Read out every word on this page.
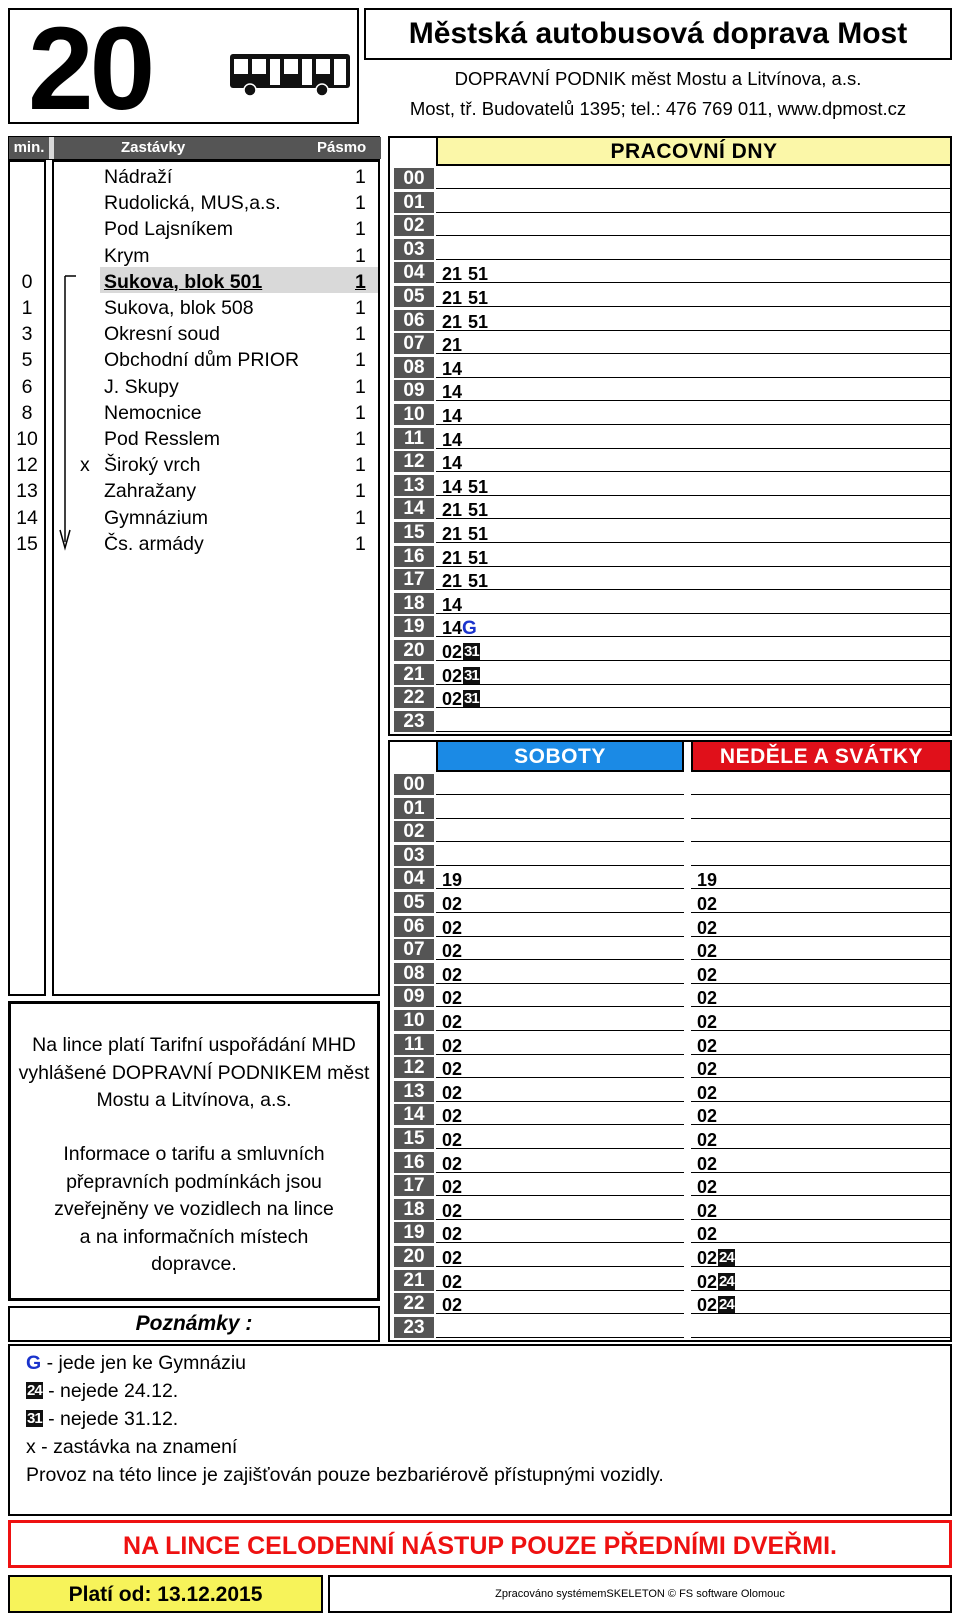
20	Městská autobusová doprava Most
DOPRAVNÍ PODNIK měst Mostu a Litvínova, a.s.
Most, tř. Budovatelů 1395; tel.: 476 769 011, www.dpmost.cz
min.	Zastávky	Pásmo
Nádraží	1
Rudolická, MUS,a.s.	1
Pod Lajsníkem	1
Krym	1
0	Sukova, blok 501	1
1	Sukova, blok 508	1
3	Okresní soud	1
5	Obchodní dům PRIOR	1
6	J. Skupy	1
8	Nemocnice	1
10	Pod Resslem	1
12	x Široký vrch	1
13	Zahražany	1
14	Gymnázium	1
15	Čs. armády	1
Na lince platí Tarifní uspořádání MHD
vyhlášené DOPRAVNÍ PODNIKEM měst
Mostu a Litvínova, a.s.
Informace o tarifu a smluvních
přepravních podmínkách jsou
zveřejněny ve vozidlech na lince
a na informačních místech
dopravce.
Poznámky :
PRACOVNÍ DNY
SOBOTY	NEDĚLE A SVÁTKY
00
01
02
03
04 21 51
05 21 51
06 21 51
07 21
08 14
09 14
10 14
11 14
12 14
13 14 51
14 21 51
15 21 51
16 21 51
17 21 51
18 14
19 14G
20 02 31
21 02 31
22 02 31
23
00
01
02
03
04 19	19
05 02	02
06 02	02
07 02	02
08 02	02
09 02	02
10 02	02
11 02	02
12 02	02
13 02	02
14 02	02
15 02	02
16 02	02
17 02	02
18 02	02
19 02	02
20 02	02 24
21 02	02 24
22 02	02 24
23
G - jede jen ke Gymnáziu
24 - nejede 24.12.
31 - nejede 31.12.
x - zastávka na znamení
Provoz na této lince je zajišťován pouze bezbariérově přístupnými vozidly.
NA LINCE CELODENNÍ NÁSTUP POUZE PŘEDNÍMI DVEŘMI.
Platí od: 13.12.2015	Zpracováno systémemSKELETON © FS software Olomouc
